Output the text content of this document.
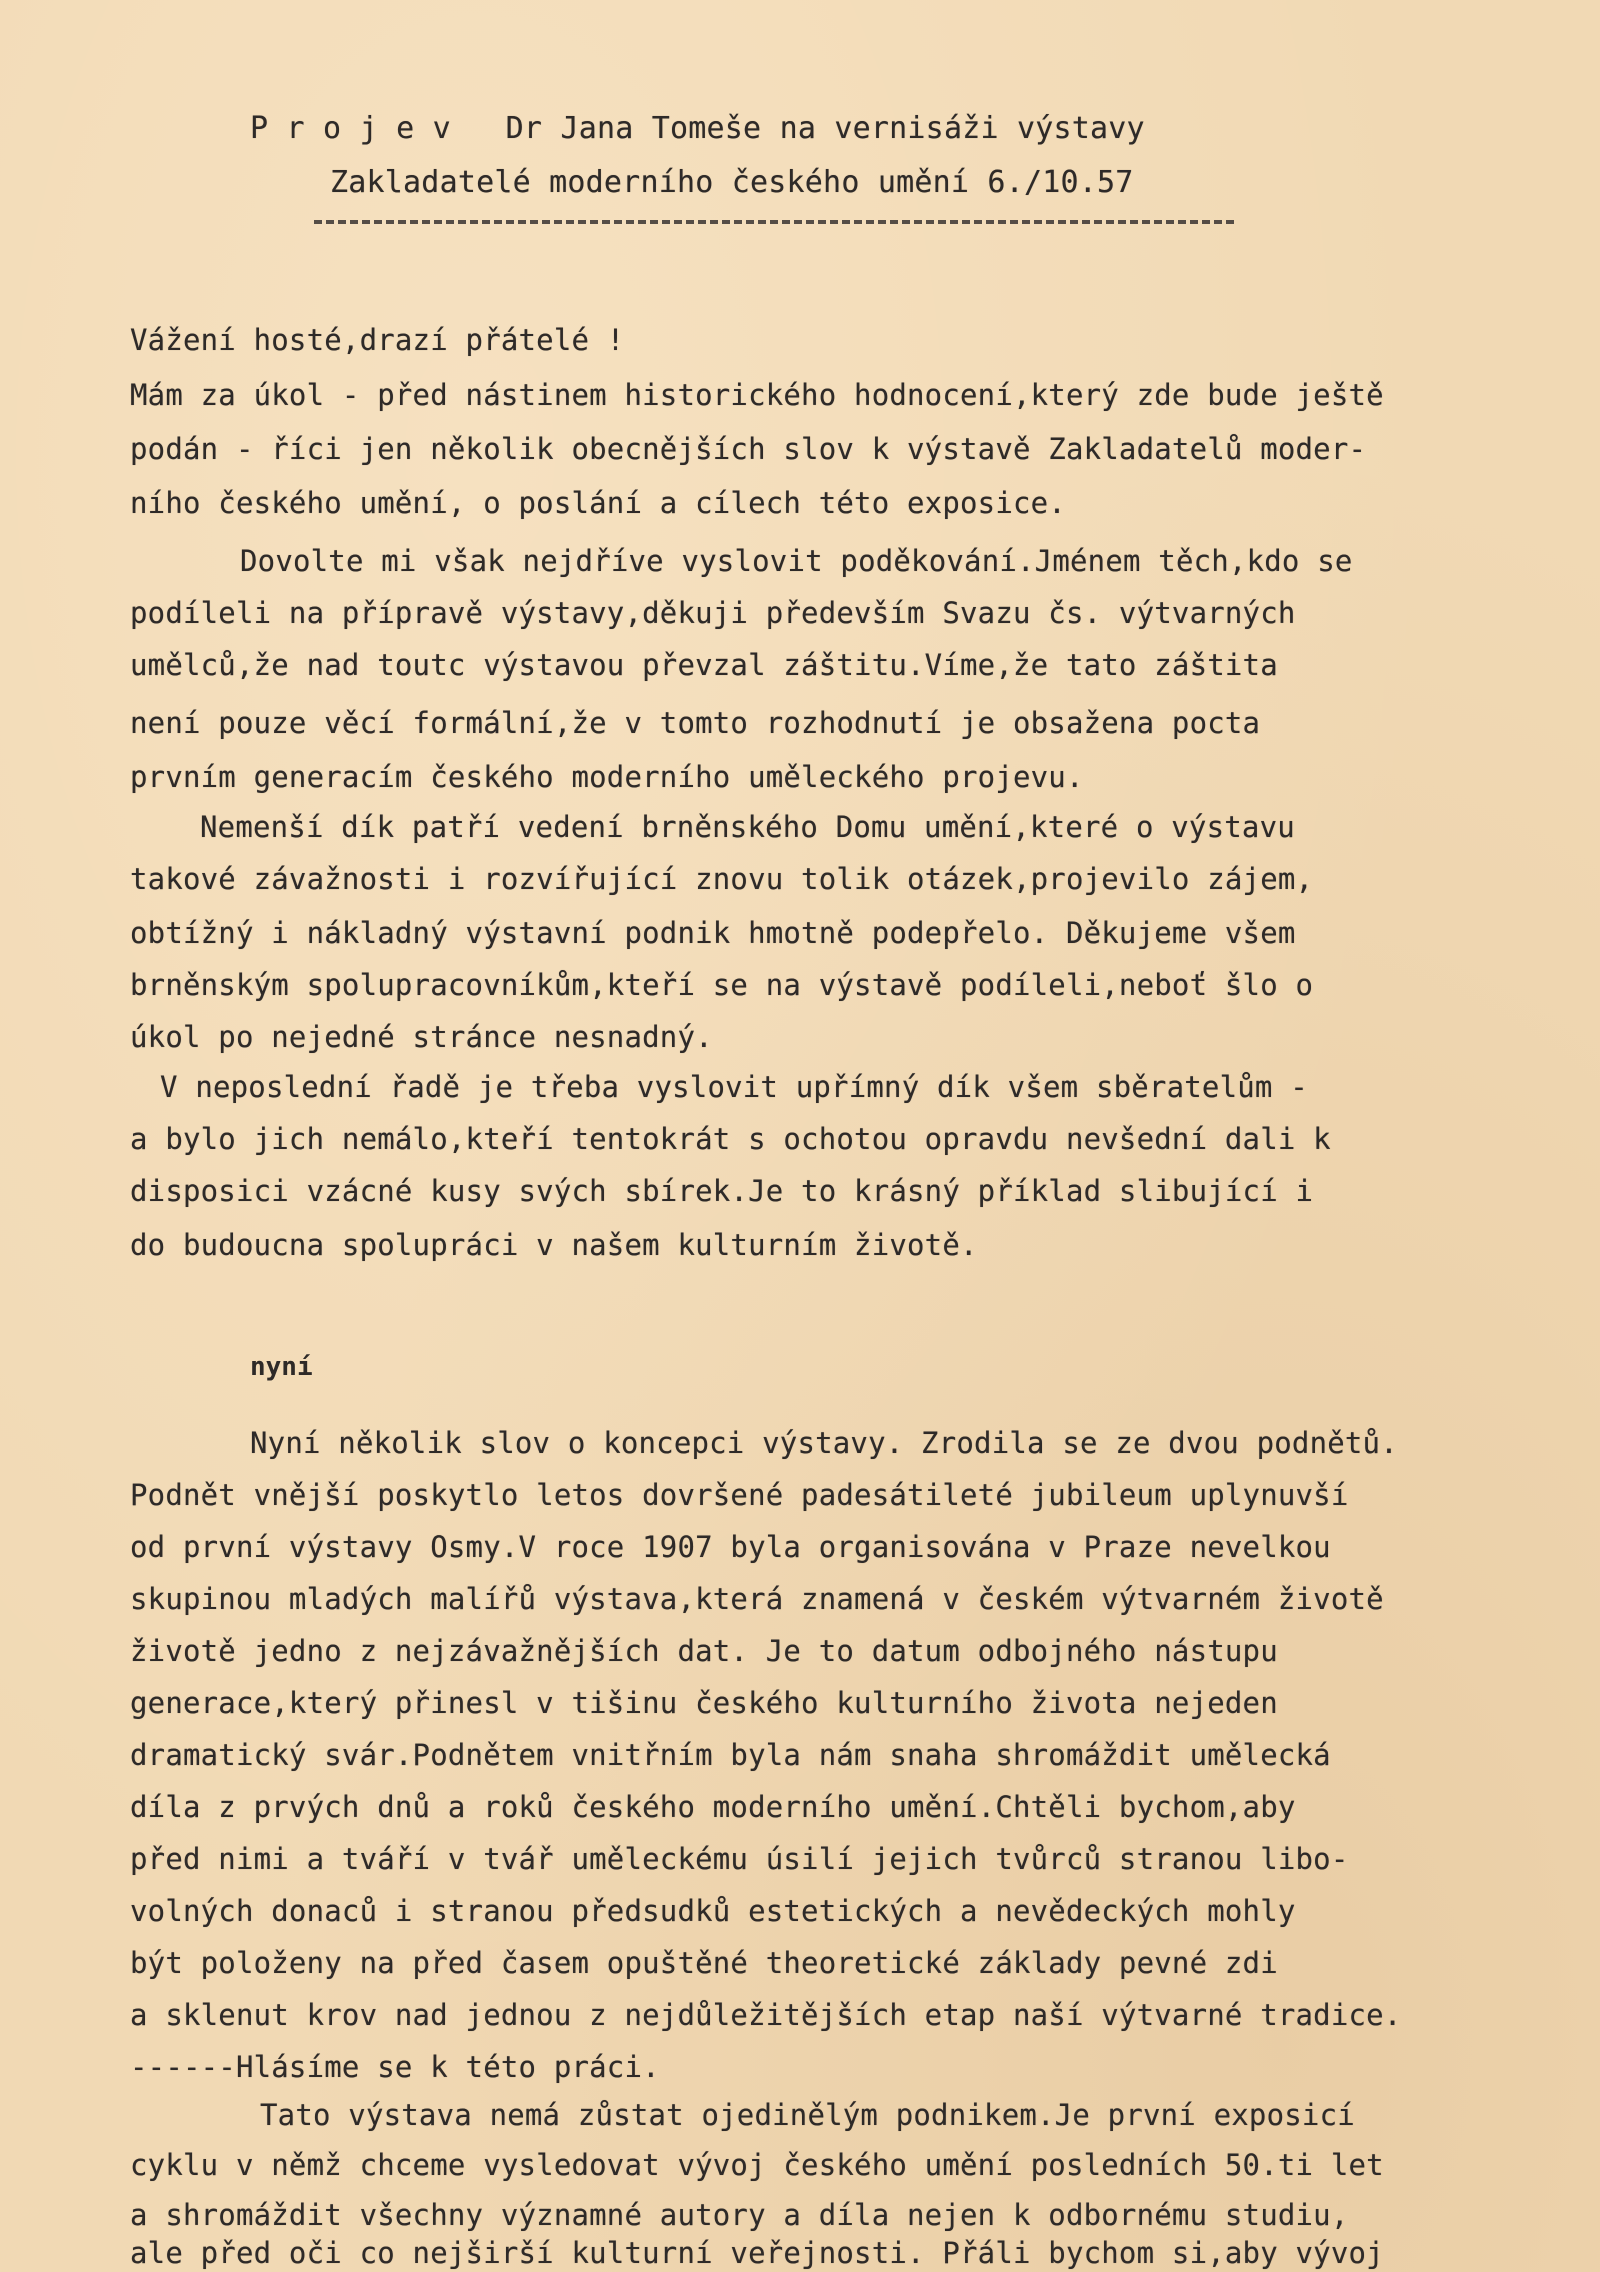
P r o j e v   Dr Jana Tomeše na vernisáži výstavy
Zakladatelé moderního českého umění 6./10.57
Vážení hosté,drazí přátelé !
Mám za úkol - před nástinem historického hodnocení,který zde bude ještě
podán - říci jen několik obecnějších slov k výstavě Zakladatelů moder-
ního českého umění, o poslání a cílech této exposice.
Dovolte mi však nejdříve vyslovit poděkování.Jménem těch,kdo se
podíleli na přípravě výstavy,děkuji především Svazu čs. výtvarných
umělců,že nad toutc výstavou převzal záštitu.Víme,že tato záštita
není pouze věcí formální,že v tomto rozhodnutí je obsažena pocta
prvním generacím českého moderního uměleckého projevu.
Nemenší dík patří vedení brněnského Domu umění,které o výstavu
takové závažnosti i rozvířující znovu tolik otázek,projevilo zájem,
obtížný i nákladný výstavní podnik hmotně podepřelo. Děkujeme všem
brněnským spolupracovníkům,kteří se na výstavě podíleli,neboť šlo o
úkol po nejedné stránce nesnadný.
V neposlední řadě je třeba vyslovit upřímný dík všem sběratelům -
a bylo jich nemálo,kteří tentokrát s ochotou opravdu nevšední dali k
disposici vzácné kusy svých sbírek.Je to krásný příklad slibující i
do budoucna spolupráci v našem kulturním životě.
nyní
Nyní několik slov o koncepci výstavy. Zrodila se ze dvou podnětů.
Podnět vnější poskytlo letos dovršené padesátileté jubileum uplynuvší
od první výstavy Osmy.V roce 1907 byla organisována v Praze nevelkou
skupinou mladých malířů výstava,která znamená v českém výtvarném životě
životě jedno z nejzávažnějších dat. Je to datum odbojného nástupu
generace,který přinesl v tišinu českého kulturního života nejeden
dramatický svár.Podnětem vnitřním byla nám snaha shromáždit umělecká
díla z prvých dnů a roků českého moderního umění.Chtěli bychom,aby
před nimi a tváří v tvář uměleckému úsilí jejich tvůrců stranou libo-
volných donaců i stranou předsudků estetických a nevědeckých mohly
být položeny na před časem opuštěné theoretické základy pevné zdi
a sklenut krov nad jednou z nejdůležitějších etap naší výtvarné tradice.
------Hlásíme se k této práci.
Tato výstava nemá zůstat ojedinělým podnikem.Je první exposicí
cyklu v němž chceme vysledovat vývoj českého umění posledních 50.ti let
a shromáždit všechny významné autory a díla nejen k odbornému studiu,
ale před oči co nejširší kulturní veřejnosti. Přáli bychom si,aby vývoj
